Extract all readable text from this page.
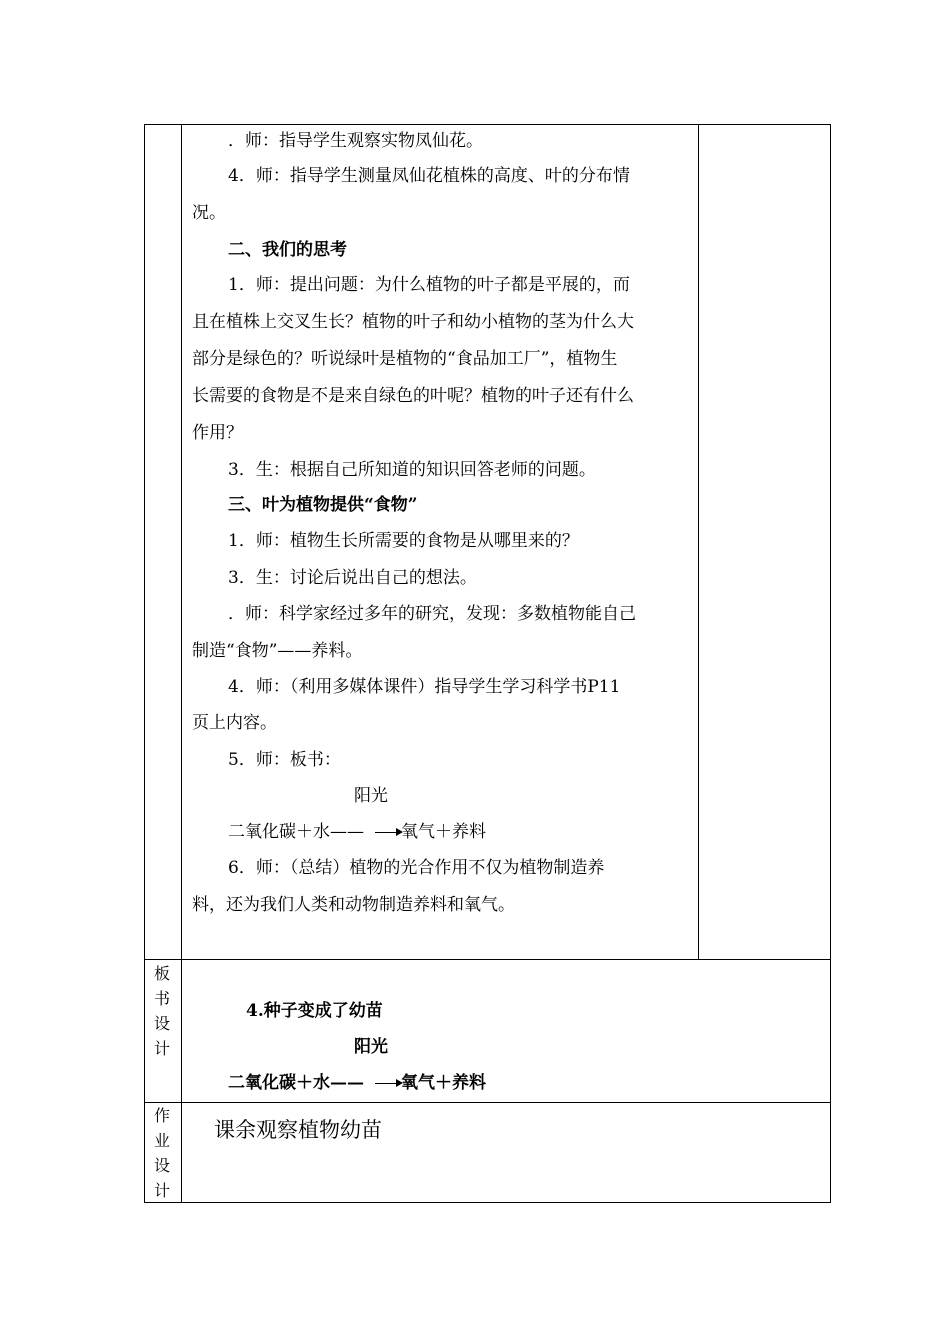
．师：指导学生观察实物凤仙花。
4．师：指导学生测量凤仙花植株的高度、叶的分布情
况。
二、我们的思考
1．师：提出问题：为什么植物的叶子都是平展的，而
且在植株上交叉生长？植物的叶子和幼小植物的茎为什么大
部分是绿色的？听说绿叶是植物的“食品加工厂”，植物生
长需要的食物是不是来自绿色的叶呢？植物的叶子还有什么
作用？
3．生：根据自己所知道的知识回答老师的问题。
三、叶为植物提供“食物”
1．师：植物生长所需要的食物是从哪里来的？
3．生：讨论后说出自己的想法。
．师：科学家经过多年的研究，发现：多数植物能自己
制造“食物”——养料。
4．师：（利用多媒体课件）指导学生学习科学书P11
页上内容。
5．师：板书：
阳光
二氧化碳＋水—— → 氧气＋养料
6．师：（总结）植物的光合作用不仅为植物制造养
料，还为我们人类和动物制造养料和氧气。
板
书
设
计
4.种子变成了幼苗
阳光
二氧化碳＋水—— 氧气＋养料
作
业
设
计
课余观察植物幼苗
